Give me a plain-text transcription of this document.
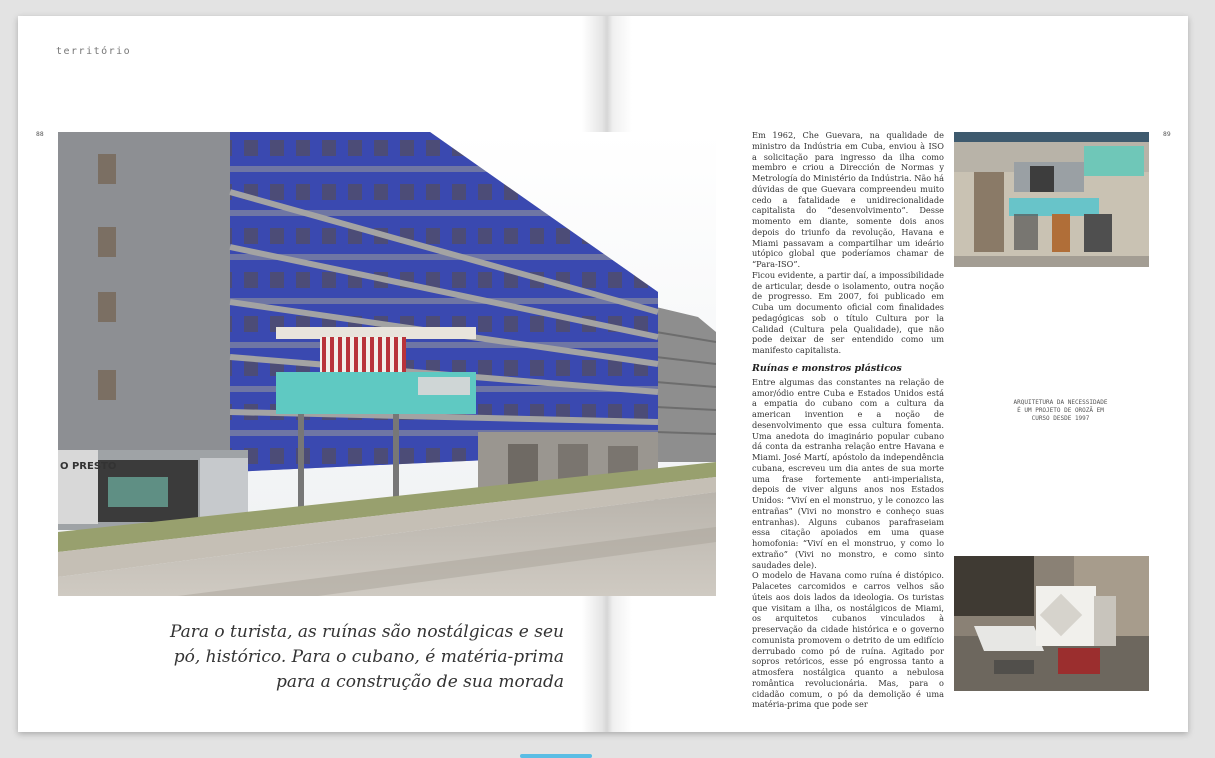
território
88	89
O PRESTO
Para o turista, as ruínas são nostálgicas e seu
pó, histórico. Para o cubano, é matéria-prima
para a construção de sua morada

Em 1962, Che Guevara, na qualidade de ministro da Indústria em Cuba, enviou à ISO a solicitação para ingresso da ilha como membro e criou a Dirección de Normas y Metrología do Ministério da Indústria. Não há dúvidas de que Guevara compreendeu muito cedo a fatalidade e unidirecionalidade capitalista do “desenvolvimento”. Desse momento em diante, somente dois anos depois do triunfo da revolução, Havana e Miami passavam a compartilhar um ideário utópico global que poderíamos chamar de “Para-ISO”.

Ficou evidente, a partir daí, a impossibilidade de articular, desde o isolamento, outra noção de progresso. Em 2007, foi publicado em Cuba um documento oficial com finalidades pedagógicas sob o título Cultura por la Calidad (Cultura pela Qualidade), que não pode deixar de ser entendido como um manifesto capitalista.

Ruínas e monstros plásticos

Entre algumas das constantes na relação de amor/ódio entre Cuba e Estados Unidos está a empatia do cubano com a cultura da american invention e a noção de desenvolvimento que essa cultura fomenta. Uma anedota do imaginário popular cubano dá conta da estranha relação entre Havana e Miami. José Martí, apóstolo da independência cubana, escreveu um dia antes de sua morte uma frase fortemente anti-imperialista, depois de viver alguns anos nos Estados Unidos: “Viví en el monstruo, y le conozco las entrañas” (Vivi no monstro e conheço suas entranhas). Alguns cubanos parafraseiam essa citação apoiados em uma quase homofonia: “Viví en el monstruo, y como lo extraño” (Vivi no monstro, e como sinto saudades dele).

O modelo de Havana como ruína é distópico. Palacetes carcomidos e carros velhos são úteis aos dois lados da ideologia. Os turistas que visitam a ilha, os nostálgicos de Miami, os arquitetos cubanos vinculados à preservação da cidade histórica e o governo comunista promovem o detrito de um edifício derrubado como pó de ruína. Agitado por sopros retóricos, esse pó engrossa tanto a atmosfera nostálgica quanto a nebulosa romântica revolucionária. Mas, para o cidadão comum, o pó da demolição é uma matéria-prima que pode ser

ARQUITETURA DA NECESSIDADE
É UM PROJETO DE OROZÃ EM
CURSO DESDE 1997
